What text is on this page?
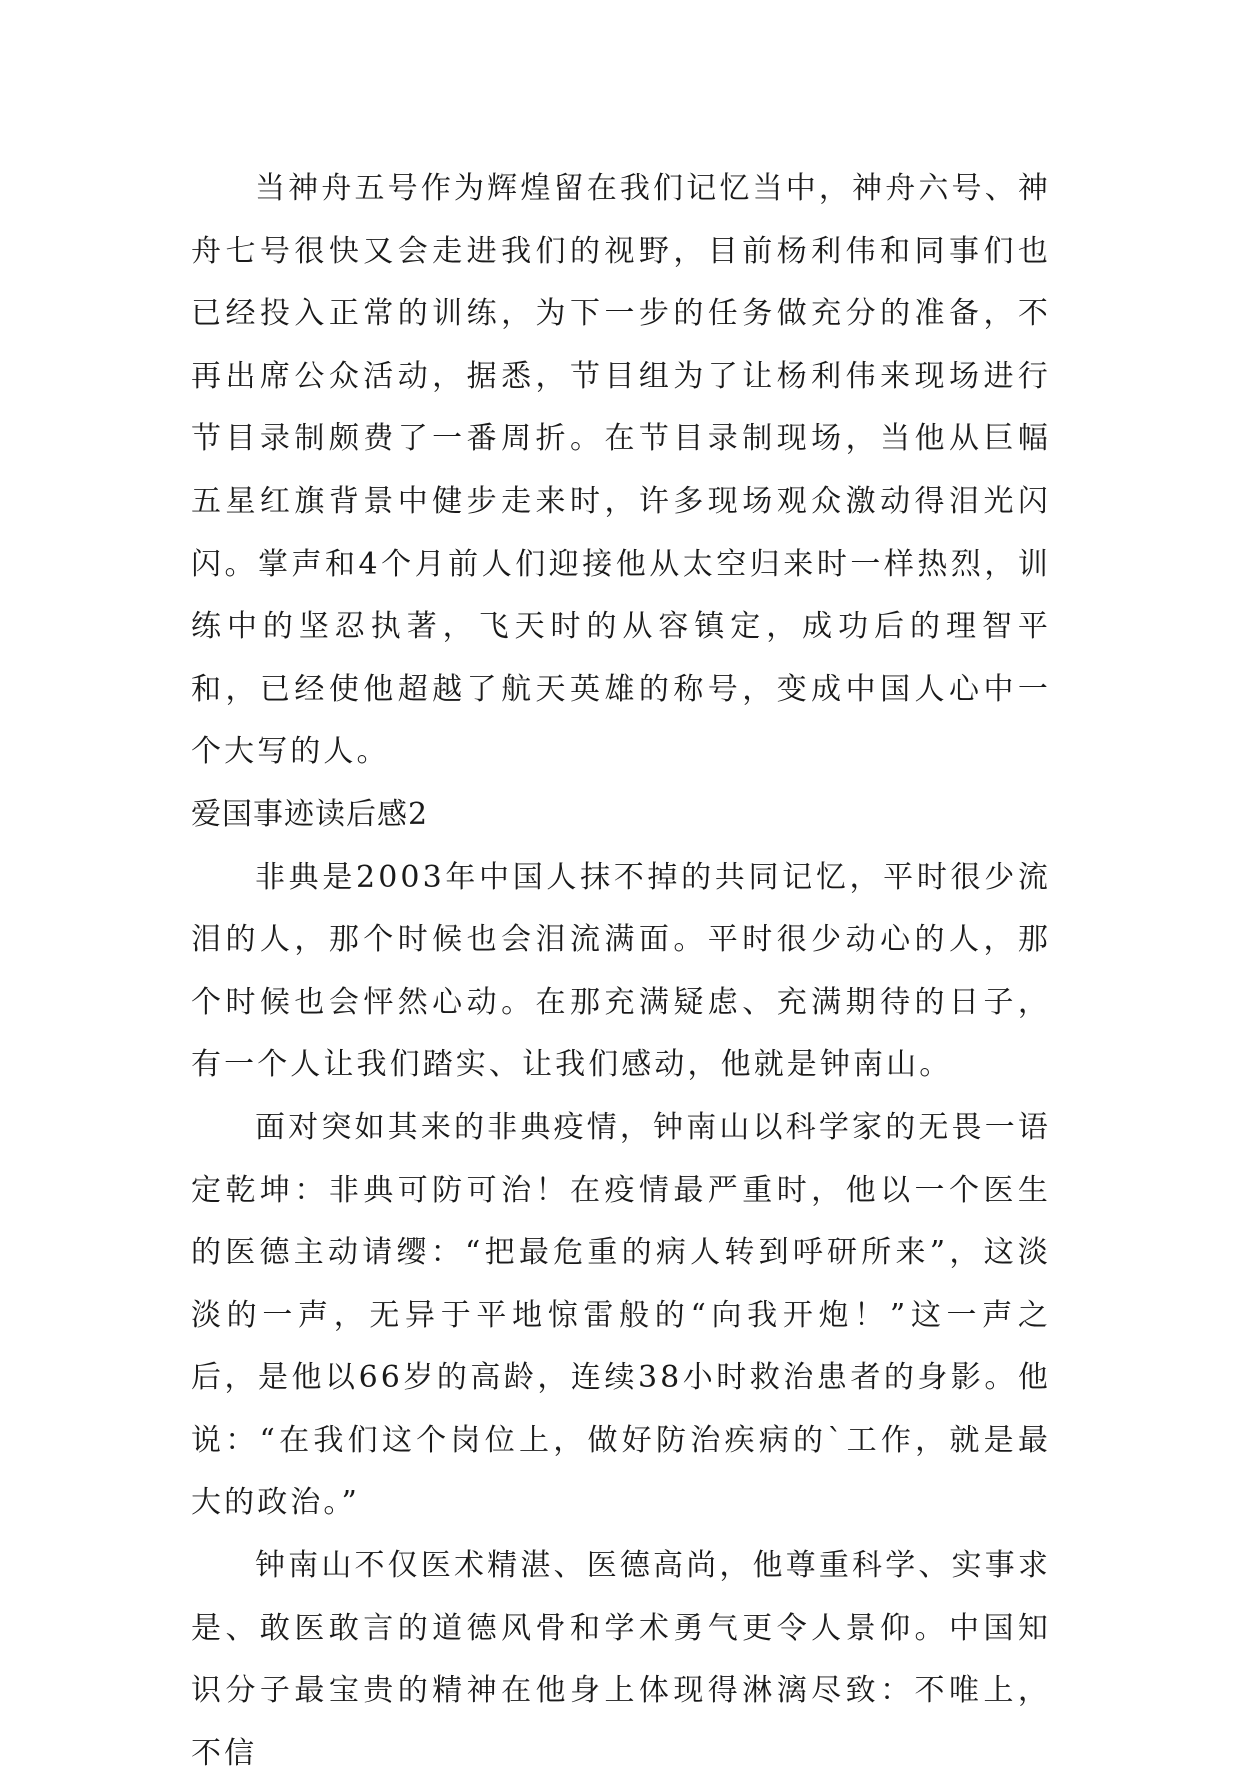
当神舟五号作为辉煌留在我们记忆当中，神舟六号、神舟七号很快又会走进我们的视野，目前杨利伟和同事们也已经投入正常的训练，为下一步的任务做充分的准备，不再出席公众活动，据悉，节目组为了让杨利伟来现场进行节目录制颇费了一番周折。在节目录制现场，当他从巨幅五星红旗背景中健步走来时，许多现场观众激动得泪光闪闪。掌声和4个月前人们迎接他从太空归来时一样热烈，训练中的坚忍执著，飞天时的从容镇定，成功后的理智平和，已经使他超越了航天英雄的称号，变成中国人心中一个大写的人。

爱国事迹读后感2

非典是2003年中国人抹不掉的共同记忆，平时很少流泪的人，那个时候也会泪流满面。平时很少动心的人，那个时候也会怦然心动。在那充满疑虑、充满期待的日子，有一个人让我们踏实、让我们感动，他就是钟南山。

面对突如其来的非典疫情，钟南山以科学家的无畏一语定乾坤：非典可防可治！在疫情最严重时，他以一个医生的医德主动请缨：“把最危重的病人转到呼研所来”，这淡淡的一声，无异于平地惊雷般的“向我开炮！”这一声之后，是他以66岁的高龄，连续38小时救治患者的身影。他说：“在我们这个岗位上，做好防治疾病的`工作，就是最大的政治。”

钟南山不仅医术精湛、医德高尚，他尊重科学、实事求是、敢医敢言的道德风骨和学术勇气更令人景仰。中国知识分子最宝贵的精神在他身上体现得淋漓尽致：不唯上，不信
